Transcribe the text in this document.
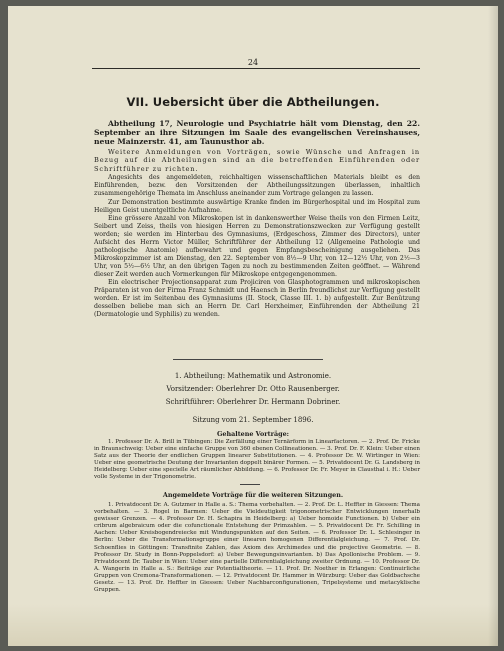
24
VII. Uebersicht über die Abtheilungen.

Abtheilung 17, Neurologie und Psychiatrie hält vom Dienstag, den 22. September an ihre Sitzungen im Saale des evangelischen Vereinshauses, neue Mainzerstr. 41, am Taunusthor ab.

Weitere Anmeldungen von Vorträgen, sowie Wünsche und Anfragen in Bezug auf die Abtheilungen sind an die betreffenden Einführenden oder Schriftführer zu richten.

Angesichts des angemeldeten, reichhaltigen wissenschaftlichen Materials bleibt es den Einführenden, bezw. den Vorsitzenden der Abtheilungssitzungen überlassen, inhaltlich zusammengehörige Themata im Anschluss aneinander zum Vortrage gelangen zu lassen.

Zur Demonstration bestimmte auswärtige Kranke finden im Bürgerhospital und im Hospital zum Heiligen Geist unentgeltliche Aufnahme.

Eine grössere Anzahl von Mikroskopen ist in dankenswerther Weise theils von den Firmen Leitz, Seibert und Zeiss, theils von hiesigen Herren zu Demonstrationszwecken zur Verfügung gestellt worden; sie werden im Hinterbau des Gymnasiums, (Erdgeschoss, Zimmer des Directors), unter Aufsicht des Herrn Victor Müller, Schriftführer der Abtheilung 12 (Allgemeine Pathologie und pathologische Anatomie) aufbewahrt und gegen Empfangsbescheinigung ausgeliehen. Das Mikroskopzimmer ist am Dienstag, den 22. September von 8½—9 Uhr, von 12—12½ Uhr, von 2½—3 Uhr, von 5½—6½ Uhr, an den übrigen Tagen zu noch zu bestimmenden Zeiten geöffnet. — Während dieser Zeit werden auch Vormerkungen für Mikroskope entgegengenommen.

Ein electrischer Projectionsapparat zum Projiciren von Glasphotogrammen und mikroskopischen Präparaten ist von der Firma Franz Schmidt und Haensch in Berlin freundlichst zur Verfügung gestellt worden. Er ist im Seitenbau des Gymnasiums (II. Stock, Classe III. 1. b) aufgestellt. Zur Benützung desselben beliebe man sich an Herrn Dr. Carl Herxheimer, Einführenden der Abtheilung 21 (Dermatologie und Syphilis) zu wenden.

1. Abtheilung: Mathematik und Astronomie.
Vorsitzender: Oberlehrer Dr. Otto Rausenberger.
Schriftführer: Oberlehrer Dr. Hermann Dobriner.
Sitzung vom 21. September 1896.
Gehaltene Vorträge:

1. Professor Dr. A. Brill in Tübingen: Die Zerfällung einer Ternärform in Linearfactoren. — 2. Prof. Dr. Fricke in Braunschweig: Ueber eine einfache Gruppe von 360 ebenen Collineationen. — 3. Prof. Dr. F. Klein: Ueber einen Satz aus der Theorie der endlichen Gruppen linearer Substitutionen. — 4. Professor Dr. W. Wirtinger in Wien: Ueber eine geometrische Deutung der Invarianten doppelt binärer Formen. — 5. Privatdocent Dr. G. Landsberg in Heidelberg: Ueber eine specielle Art räumlicher Abbildung. — 6. Professor Dr. Fr. Meyer in Clausthal i. H.: Ueber volle Systeme in der Trigonometrie.

Angemeldete Vorträge für die weiteren Sitzungen.

1. Privatdocent Dr. A. Gutzmer in Halle a. S.: Thema vorbehalten. — 2. Prof. Dr. L. Heffter in Giessen: Thema vorbehalten. — 3. Rogel in Barmen: Ueber die Vieldeutigkeit trigonometrischer Entwicklungen innerhalb gewisser Grenzen. — 4. Professor Dr. H. Schapira in Heidelberg: a) Ueber homoide Functionen. b) Ueber ein cribrum algebraicum oder die cofunctionale Entstehung der Primzahlen. — 5. Privatdocent Dr. Fr. Schilling in Aachen: Ueber Kreisbogendreiecke mit Windungspunkten auf den Seiten. — 6. Professor Dr. L. Schlesinger in Berlin: Ueber die Transformationsgruppe einer linearen homogenen Differentialgleichung. — 7. Prof. Dr. Schoenflies in Göttingen: Transfinite Zahlen, das Axiom des Archimedes und die projective Geometrie. — 8. Professor Dr. Study in Bonn-Poppelsdorf: a) Ueber Bewegungsinvarianten. b) Das Apollonische Problem. — 9. Privatdocent Dr. Tauber in Wien: Ueber eine partielle Differentialgleichung zweiter Ordnung. — 10. Professor Dr. A. Wangerin in Halle a. S.: Beiträge zur Potentialtheorie. — 11. Prof. Dr. Noether in Erlangen: Continuirliche Gruppen von Cremona-Transformationen. — 12. Privatdocent Dr. Hammer in Würzburg: Ueber das Goldbachsche Gesetz. — 13. Prof. Dr. Heffter in Giessen: Ueber Nachbarconfigurationen, Tripelsysteme und metacyklische Gruppen.
